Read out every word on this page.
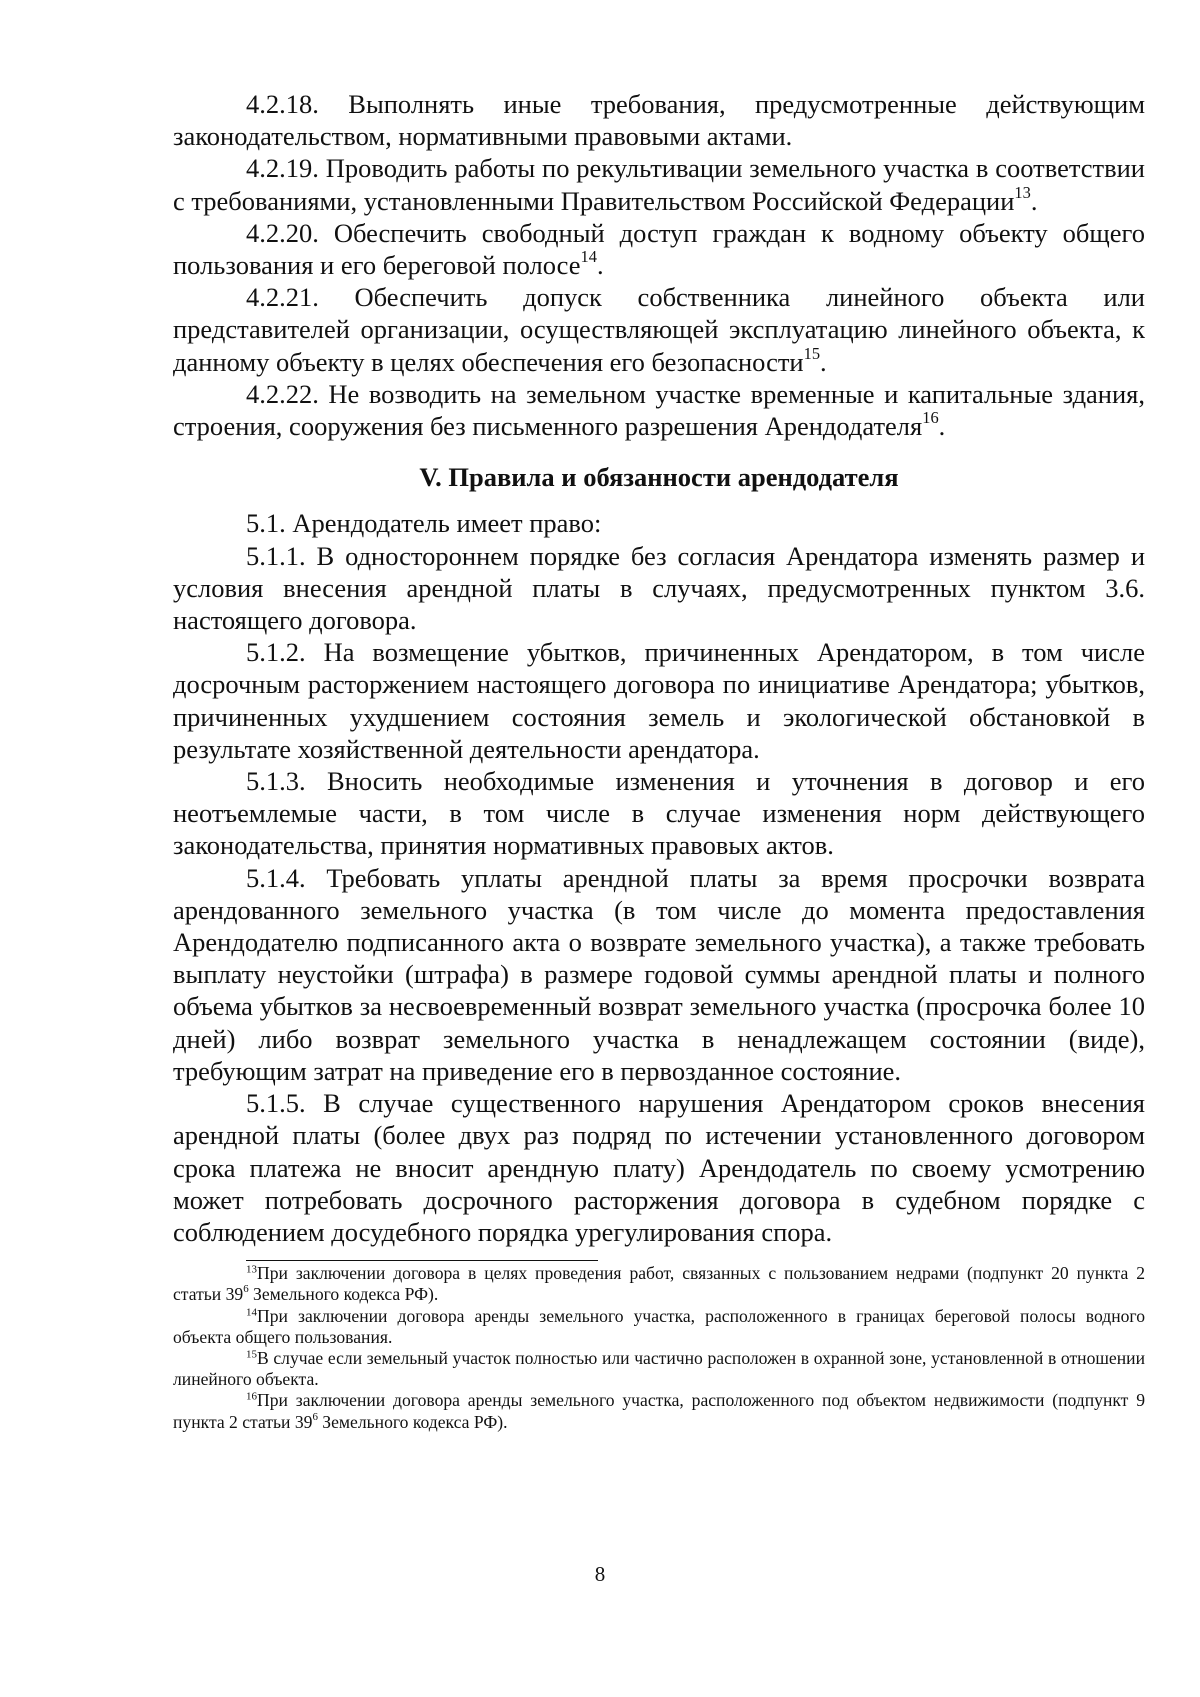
4.2.18. Выполнять иные требования, предусмотренные действующим законодательством, нормативными правовыми актами.

4.2.19. Проводить работы по рекультивации земельного участка в соответствии с требованиями, установленными Правительством Российской Федерации$^{13}$.

4.2.20. Обеспечить свободный доступ граждан к водному объекту общего пользования и его береговой полосе$^{14}$.

4.2.21. Обеспечить допуск собственника линейного объекта или представителей организации, осуществляющей эксплуатацию линейного объекта, к данному объекту в целях обеспечения его безопасности$^{15}$.

4.2.22. Не возводить на земельном участке временные и капитальные здания, строения, сооружения без письменного разрешения Арендодателя$^{16}$.

V. Правила и обязанности арендодателя

5.1. Арендодатель имеет право:

5.1.1. В одностороннем порядке без согласия Арендатора изменять размер и условия внесения арендной платы в случаях, предусмотренных пунктом 3.6. настоящего договора.

5.1.2. На возмещение убытков, причиненных Арендатором, в том числе досрочным расторжением настоящего договора по инициативе Арендатора; убытков, причиненных ухудшением состояния земель и экологической обстановкой в результате хозяйственной деятельности арендатора.

5.1.3. Вносить необходимые изменения и уточнения в договор и его неотъемлемые части, в том числе в случае изменения норм действующего законодательства, принятия нормативных правовых актов.

5.1.4. Требовать уплаты арендной платы за время просрочки возврата арендованного земельного участка (в том числе до момента предоставления Арендодателю подписанного акта о возврате земельного участка), а также требовать выплату неустойки (штрафа) в размере годовой суммы арендной платы и полного объема убытков за несвоевременный возврат земельного участка (просрочка более 10 дней) либо возврат земельного участка в ненадлежащем состоянии (виде), требующим затрат на приведение его в первозданное состояние.

5.1.5. В случае существенного нарушения Арендатором сроков внесения арендной платы (более двух раз подряд по истечении установленного договором срока платежа не вносит арендную плату) Арендодатель по своему усмотрению может потребовать досрочного расторжения договора в судебном порядке с соблюдением досудебного порядка урегулирования спора.

$^{13}$При заключении договора в целях проведения работ, связанных с пользованием недрами (подпункт 20 пункта 2 статьи $39^6$ Земельного кодекса РФ).

$^{14}$При заключении договора аренды земельного участка, расположенного в границах береговой полосы водного объекта общего пользования.

$^{15}$В случае если земельный участок полностью или частично расположен в охранной зоне, установленной в отношении линейного объекта.

$^{16}$При заключении договора аренды земельного участка, расположенного под объектом недвижимости (подпункт 9 пункта 2 статьи $39^6$ Земельного кодекса РФ).

8
